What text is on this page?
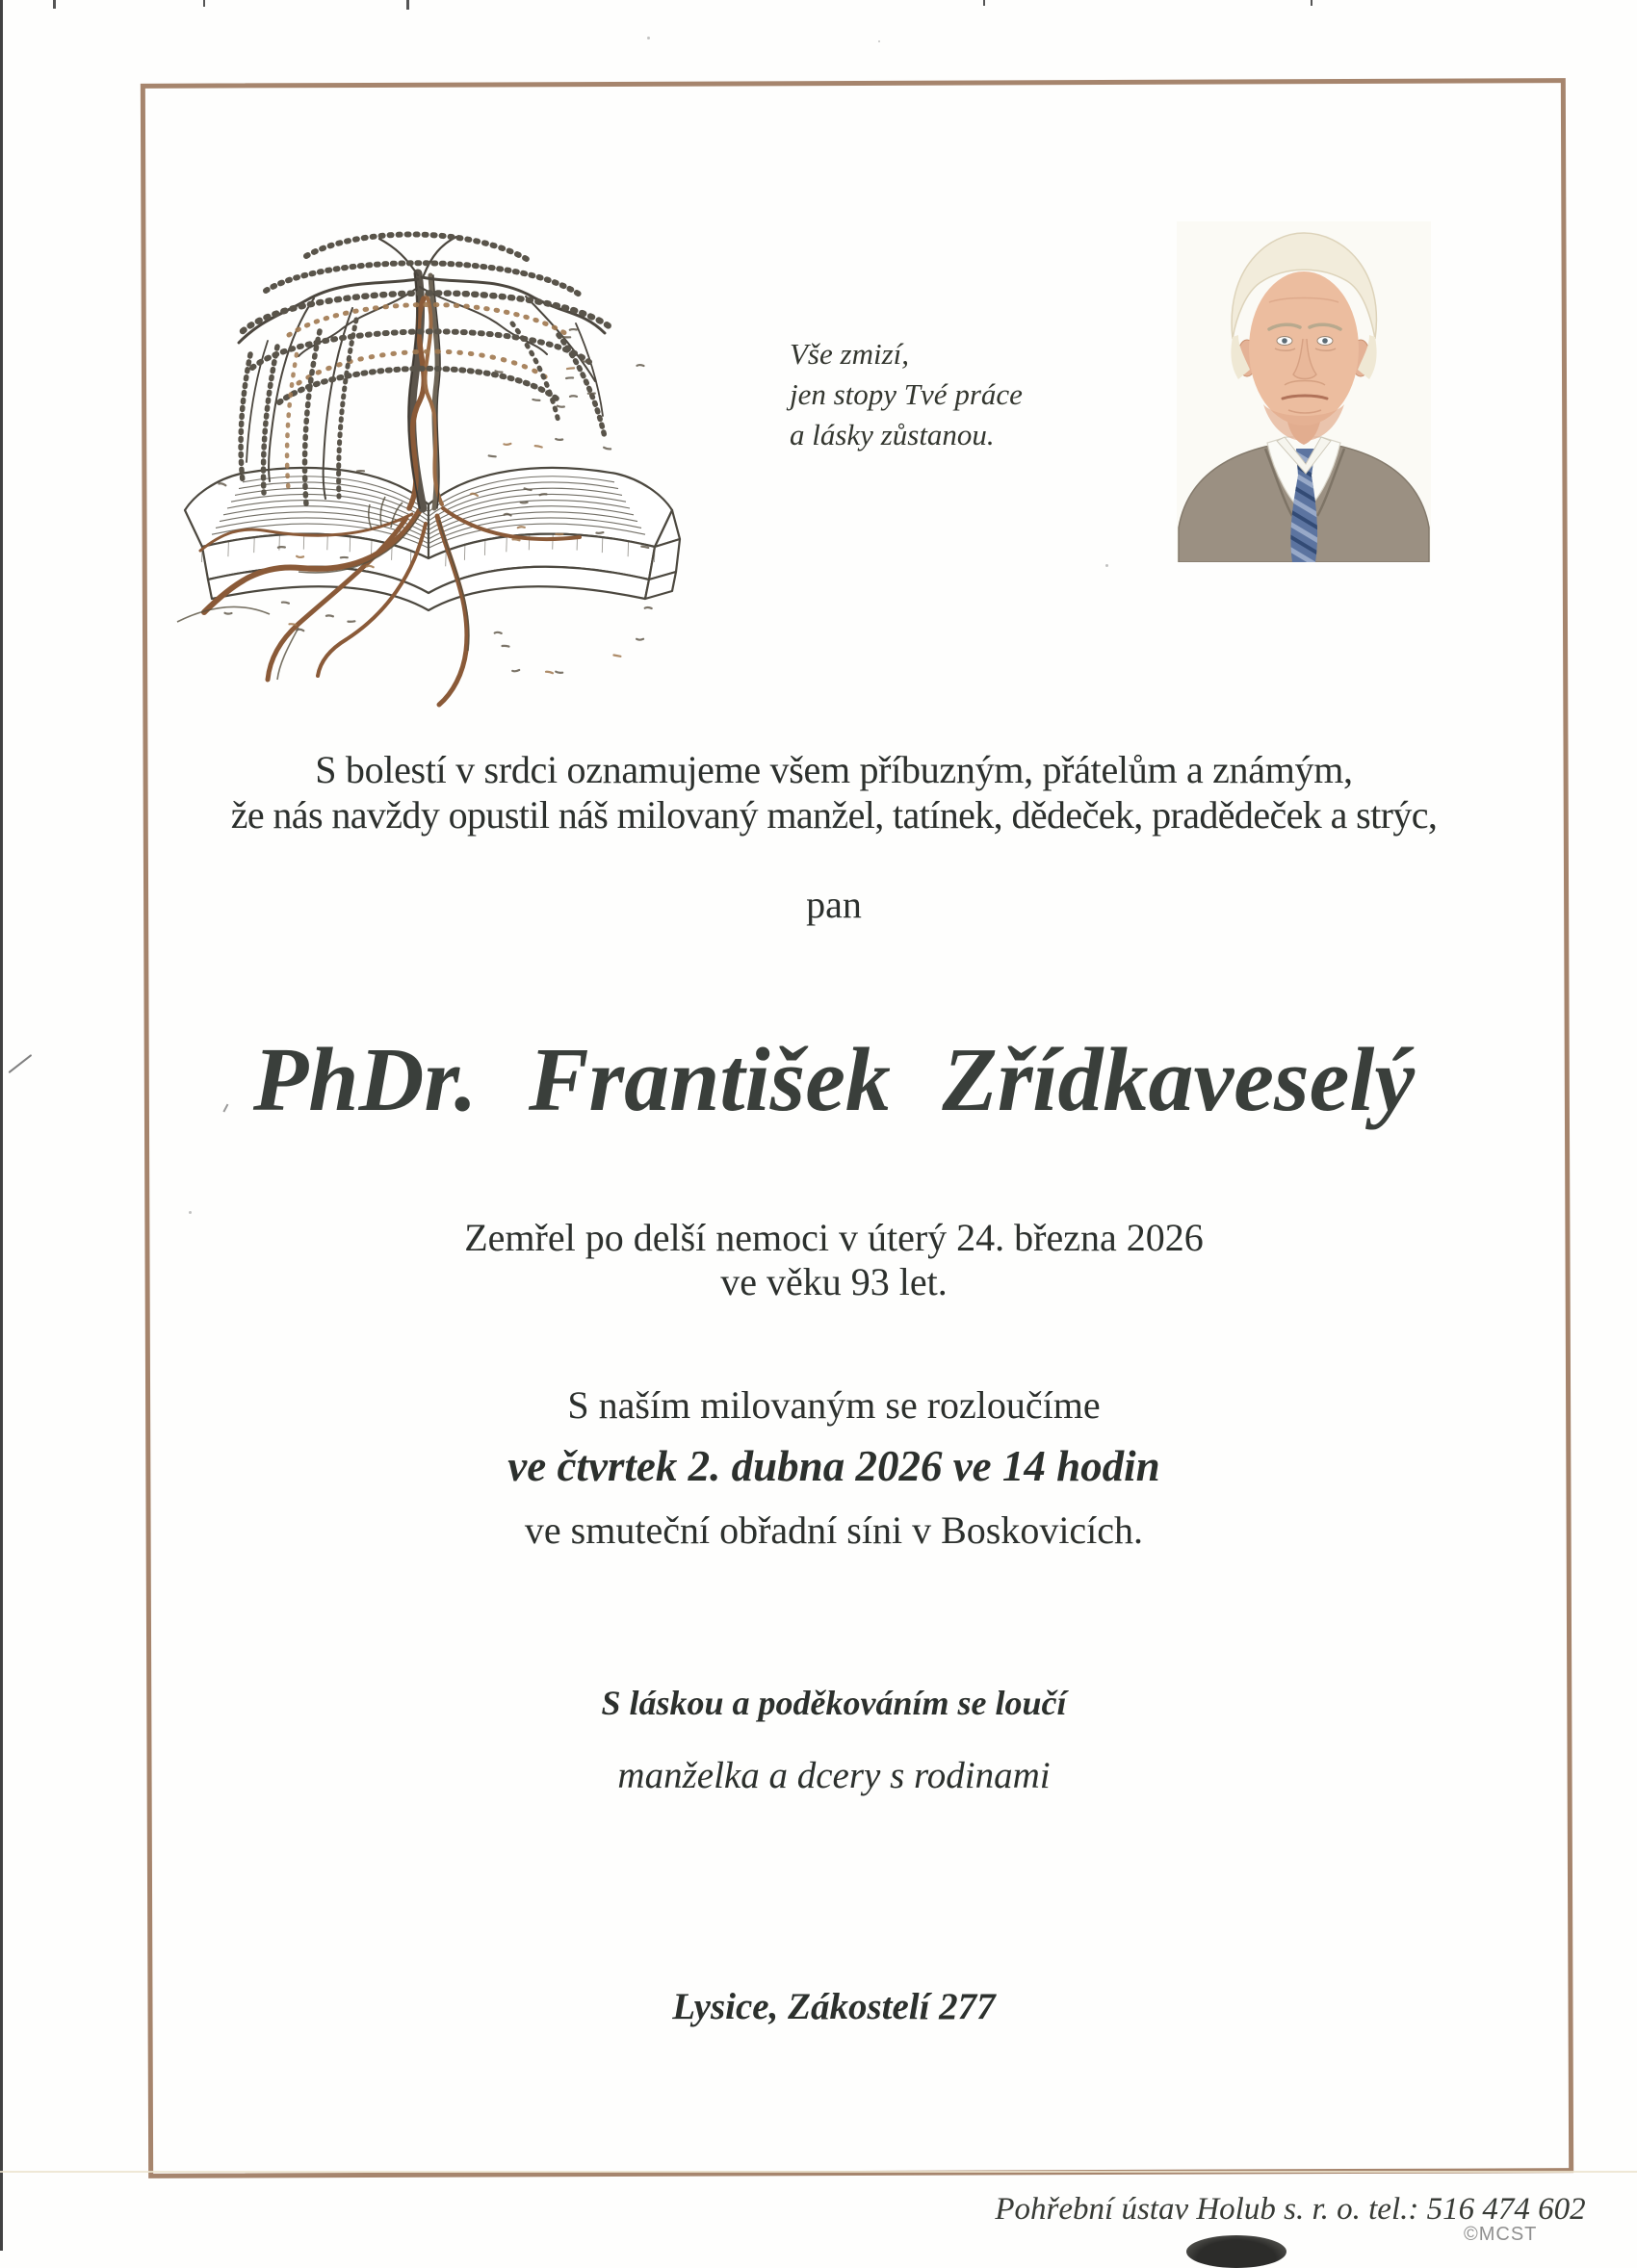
Vše zmizí,
jen stopy Tvé práce
a lásky zůstanou.
S bolestí v srdci oznamujeme všem příbuzným, přátelům a známým,
že nás navždy opustil náš milovaný manžel, tatínek, dědeček, pradědeček a strýc,
pan
PhDr. František Zřídkaveselý
Zemřel po delší nemoci v úterý 24. března 2026
ve věku 93 let.
S naším milovaným se rozloučíme
ve čtvrtek 2. dubna 2026 ve 14 hodin
ve smuteční obřadní síni v Boskovicích.
S láskou a poděkováním se loučí
manželka a dcery s rodinami
Lysice, Zákostelí 277
Pohřební ústav Holub s. r. o. tel.: 516 474 602
©MCST
